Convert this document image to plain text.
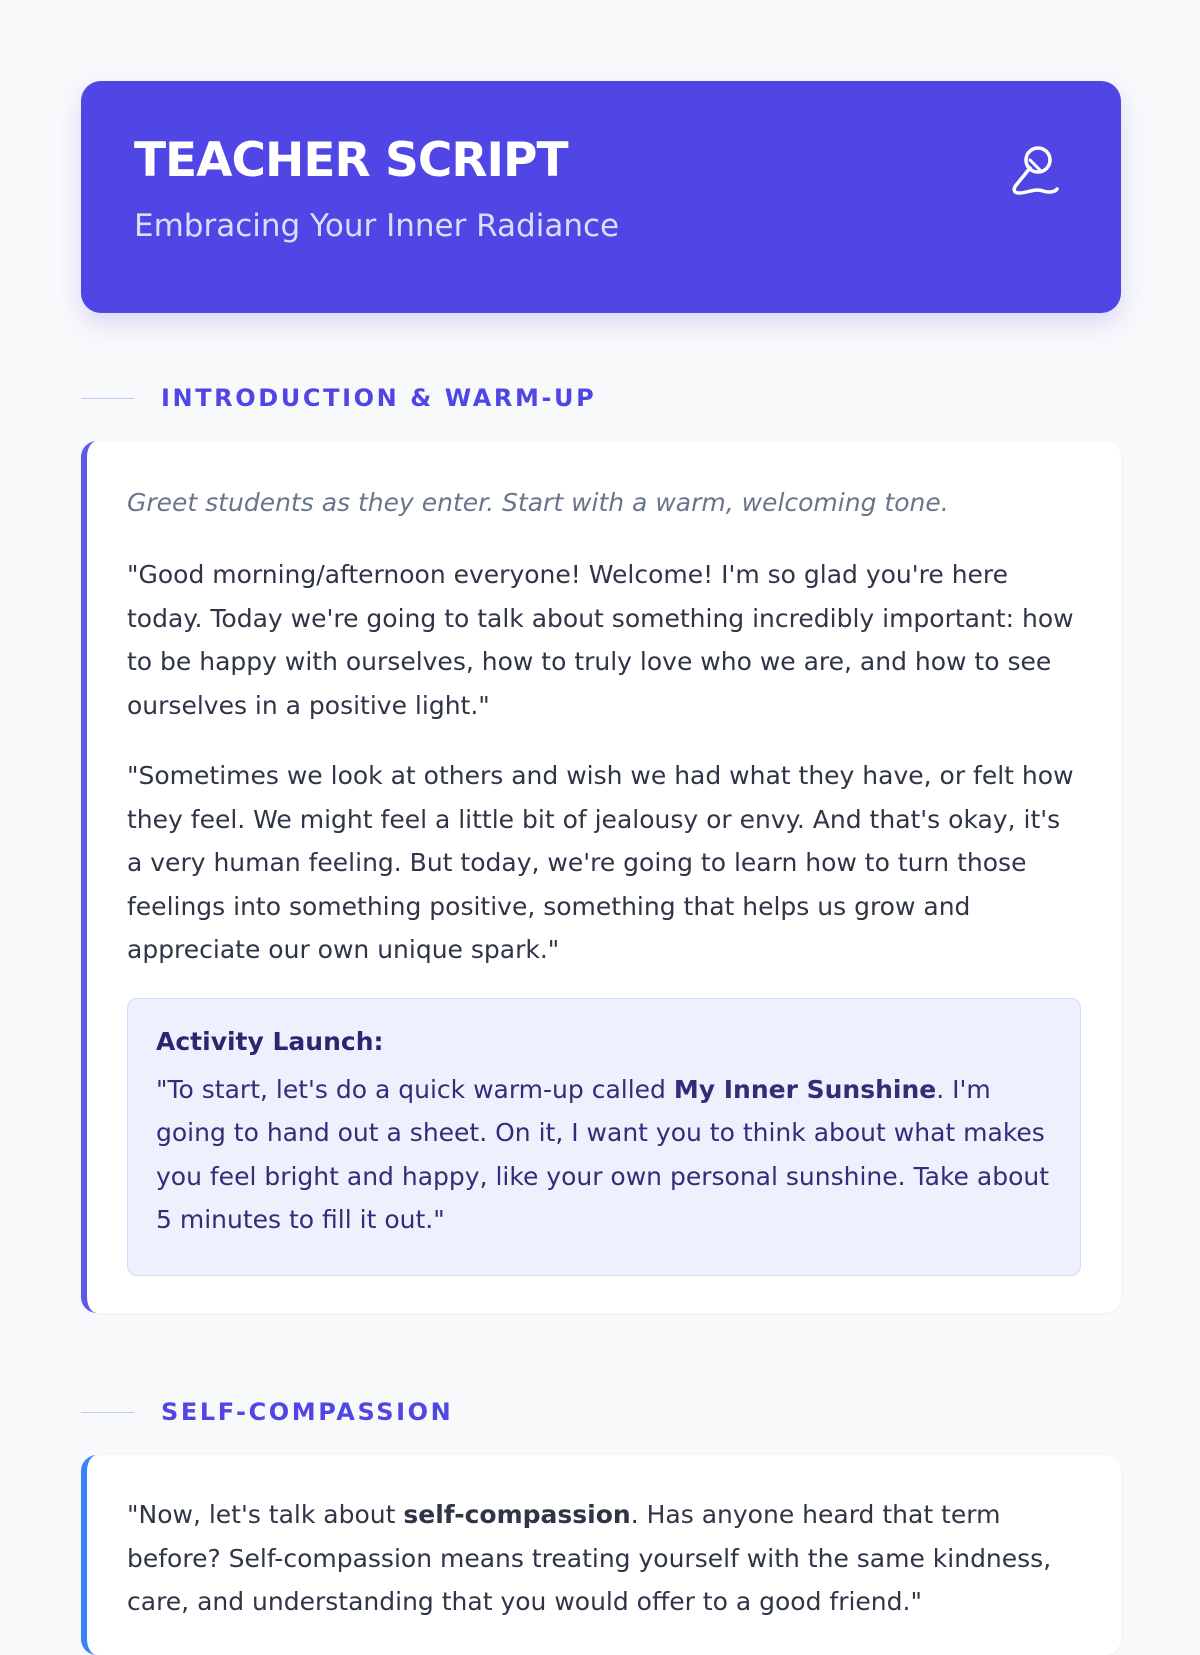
TEACHER SCRIPT
Embracing Your Inner Radiance
INTRODUCTION & WARM-UP

Greet students as they enter. Start with a warm, welcoming tone.

"Good morning/afternoon everyone! Welcome! I'm so glad you're here today. Today we're going to talk about something incredibly important: how to be happy with ourselves, how to truly love who we are, and how to see ourselves in a positive light."

"Sometimes we look at others and wish we had what they have, or felt how they feel. We might feel a little bit of jealousy or envy. And that's okay, it's a very human feeling. But today, we're going to learn how to turn those feelings into something positive, something that helps us grow and appreciate our own unique spark."

Activity Launch:

"To start, let's do a quick warm-up called My Inner Sunshine. I'm going to hand out a sheet. On it, I want you to think about what makes you feel bright and happy, like your own personal sunshine. Take about 5 minutes to fill it out."

SELF-COMPASSION

"Now, let's talk about self-compassion. Has anyone heard that term before? Self-compassion means treating yourself with the same kindness, care, and understanding that you would offer to a good friend."
